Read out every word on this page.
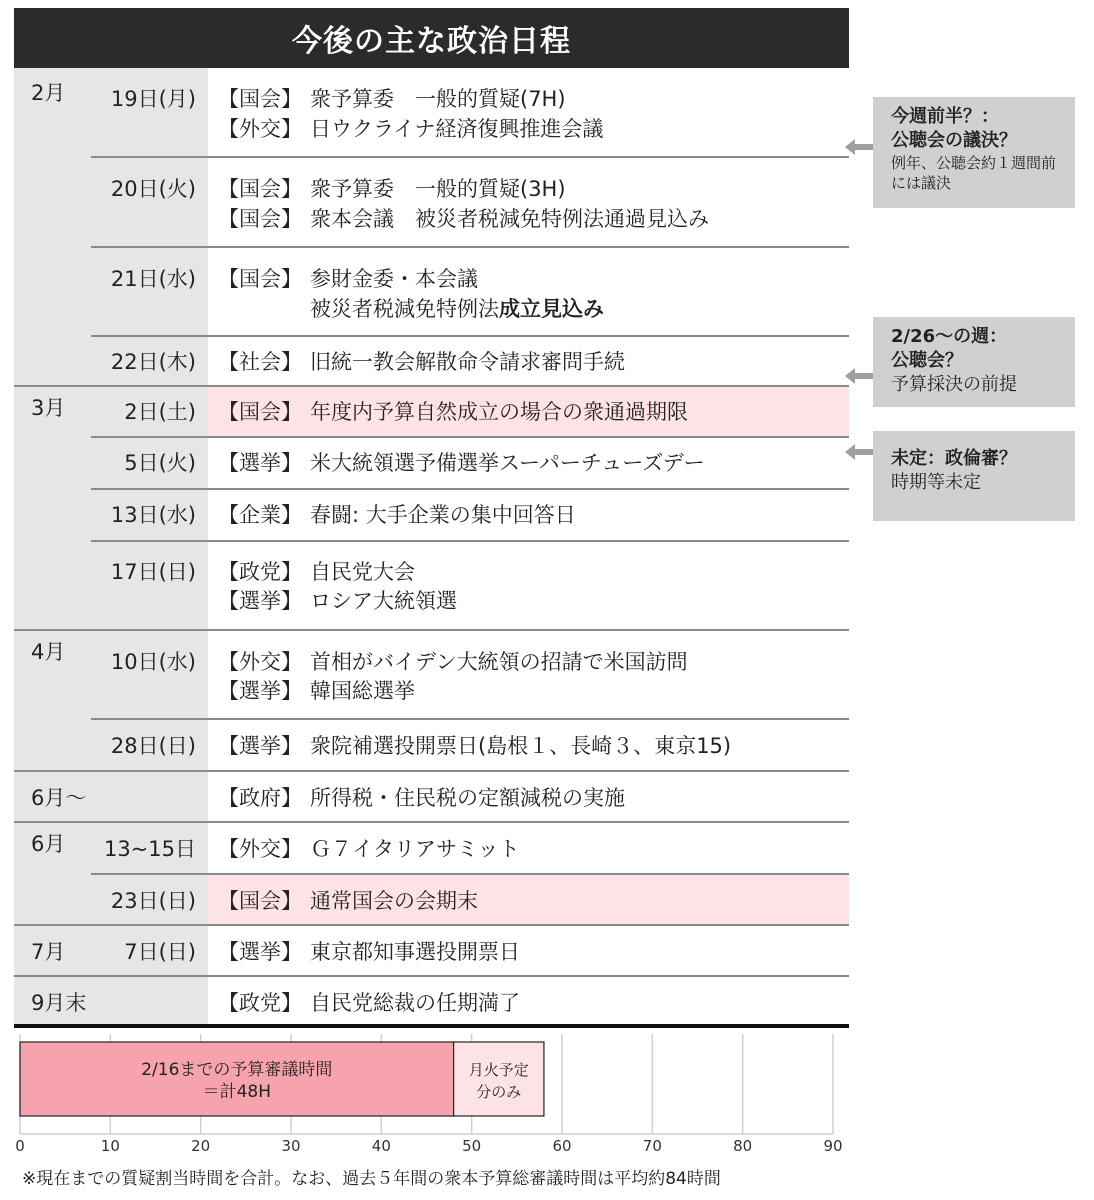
今後の主な政治日程
2月	19日(月) 【国会】 衆予算委　一般的質疑(7H)
【外交】 日ウクライナ経済復興推進会議
20日(火) 【国会】 衆予算委　一般的質疑(3H)
【国会】 衆本会議　被災者税減免特例法通過見込み
21日(水) 【国会】 参財金委・本会議
被災者税減免特例法成立見込み
22日(木) 【社会】 旧統一教会解散命令請求審問手続
3月	2日(土) 【国会】 年度内予算自然成立の場合の衆通過期限
5日(火) 【選挙】 米大統領選予備選挙スーパーチューズデー
13日(水) 【企業】 春闘: 大手企業の集中回答日
17日(日) 【政党】 自民党大会
【選挙】 ロシア大統領選
4月	10日(水) 【外交】 首相がバイデン大統領の招請で米国訪問
【選挙】 韓国総選挙
28日(日) 【選挙】 衆院補選投開票日(島根１、長崎３、東京15)
6月〜	【政府】 所得税・住民税の定額減税の実施
6月	13~15日 【外交】 Ｇ７イタリアサミット
23日(日) 【国会】 通常国会の会期末
7月	7日(日) 【選挙】 東京都知事選投開票日
9月末	【政党】 自民党総裁の任期満了
今週前半？：
公聴会の議決？
例年、公聴会約１週間前には議決
2/26〜の週：
公聴会？
予算採決の前提
未定：政倫審？
時期等未定
0	10	20	30	40	50	60	70	80	90
2/16までの予算審議時間
＝計48H
月火予定
分のみ
※現在までの質疑割当時間を合計。なお、過去５年間の衆本予算総審議時間は平均約84時間
